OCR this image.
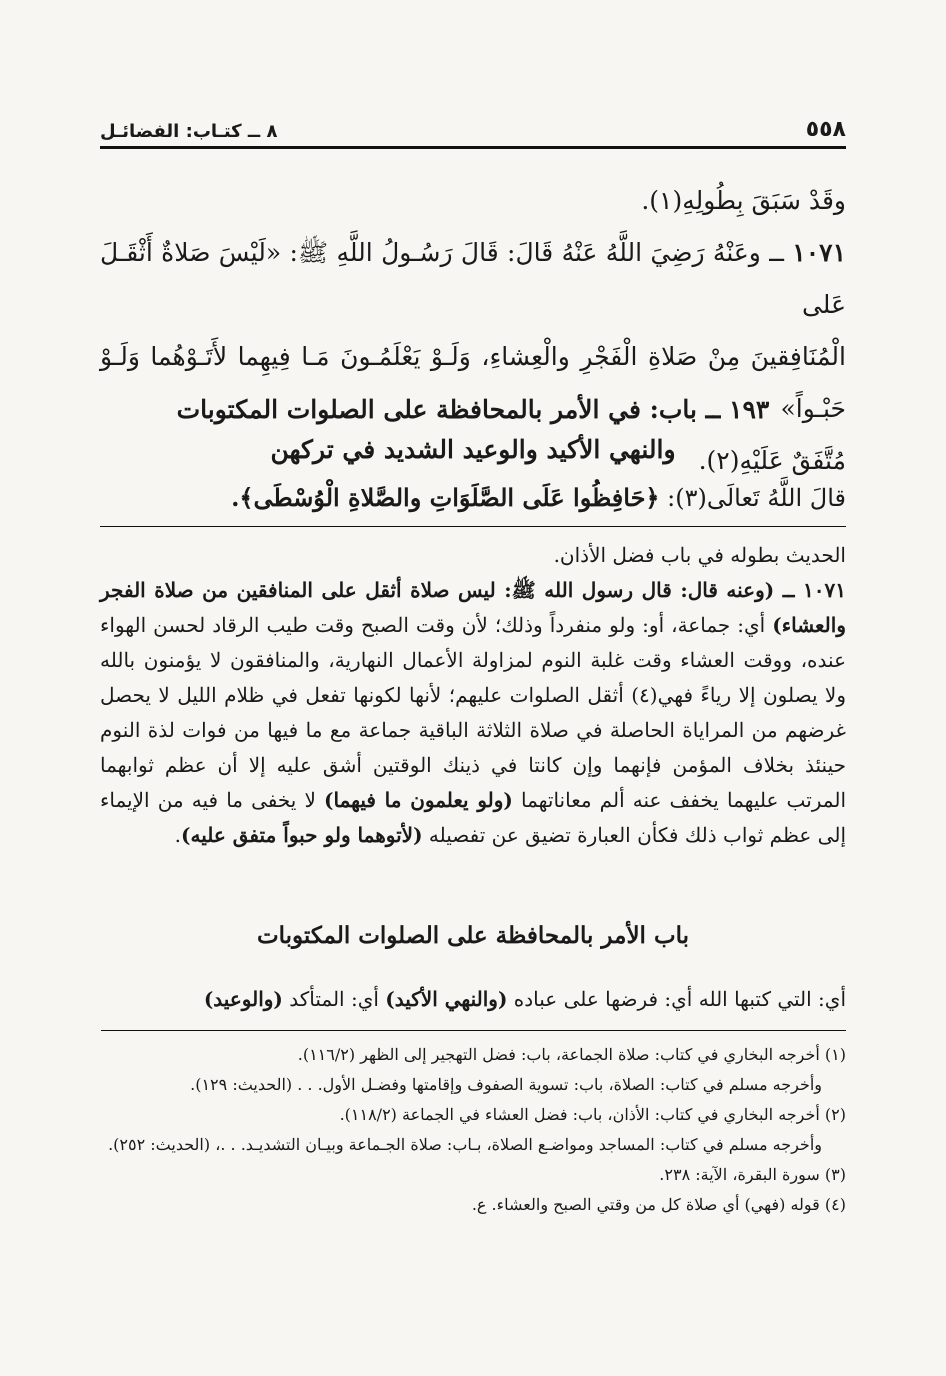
٥٥٨
٨ ــ كتـاب: الفضائـل

وقَدْ سَبَقَ بِطُولِهِ(١).

١٠٧١ ــ وعَنْهُ رَضِيَ اللَّهُ عَنْهُ قَالَ: قَالَ رَسُـولُ اللَّهِ ﷺ: «لَيْسَ صَلاةٌ أَثْقَـلَ عَلى

الْمُنَافِقينَ مِنْ صَلاةِ الْفَجْرِ والْعِشاءِ، وَلَـوْ يَعْلَمُـونَ مَـا فِيهِما لأَتَـوْهُما وَلَـوْ حَبْـواً»

مُتَّفَقٌ عَلَيْهِ(٢).

١٩٣ ــ باب: في الأمر بالمحافظة على الصلوات المكتوبات
والنهي الأكيد والوعيد الشديد في تركهن
قالَ اللَّهُ تَعالَى(٣): ﴿حَافِظُوا عَلَى الصَّلَوَاتِ والصَّلاةِ الْوُسْطَى﴾.

الحديث بطوله في باب فضل الأذان.

١٠٧١ ــ (وعنه قال: قال رسول الله ﷺ: ليس صلاة أثقل على المنافقين من صلاة الفجر والعشاء) أي: جماعة، أو: ولو منفرداً وذلك؛ لأن وقت الصبح وقت طيب الرقاد لحسن الهواء عنده، ووقت العشاء وقت غلبة النوم لمزاولة الأعمال النهارية، والمنافقون لا يؤمنون بالله ولا يصلون إلا رياءً فهي(٤) أثقل الصلوات عليهم؛ لأنها لكونها تفعل في ظلام الليل لا يحصل غرضهم من المراياة الحاصلة في صلاة الثلاثة الباقية جماعة مع ما فيها من فوات لذة النوم حينئذ بخلاف المؤمن فإنهما وإن كانتا في ذينك الوقتين أشق عليه إلا أن عظم ثوابهما المرتب عليهما يخفف عنه ألم معاناتهما (ولو يعلمون ما فيهما) لا يخفى ما فيه من الإيماء إلى عظم ثواب ذلك فكأن العبارة تضيق عن تفصيله (لأتوهما ولو حبواً متفق عليه).

باب الأمر بالمحافظة على الصلوات المكتوبات
أي: التي كتبها الله أي: فرضها على عباده (والنهي الأكيد) أي: المتأكد (والوعيد)

(١) أخرجه البخاري في كتاب: صلاة الجماعة، باب: فضل التهجير إلى الظهر (١١٦/٢).

وأخرجه مسلم في كتاب: الصلاة، باب: تسوية الصفوف وإقامتها وفضـل الأول. . . (الحديث: ١٢٩).

(٢) أخرجه البخاري في كتاب: الأذان، باب: فضل العشاء في الجماعة (١١٨/٢).

وأخرجه مسلم في كتاب: المساجد ومواضـع الصلاة، بـاب: صلاة الجـماعة وبيـان التشديـد. . .، (الحديث: ٢٥٢).

(٣) سورة البقرة، الآية: ٢٣٨.

(٤) قوله (فهي) أي صلاة كل من وقتي الصبح والعشاء. ع.
